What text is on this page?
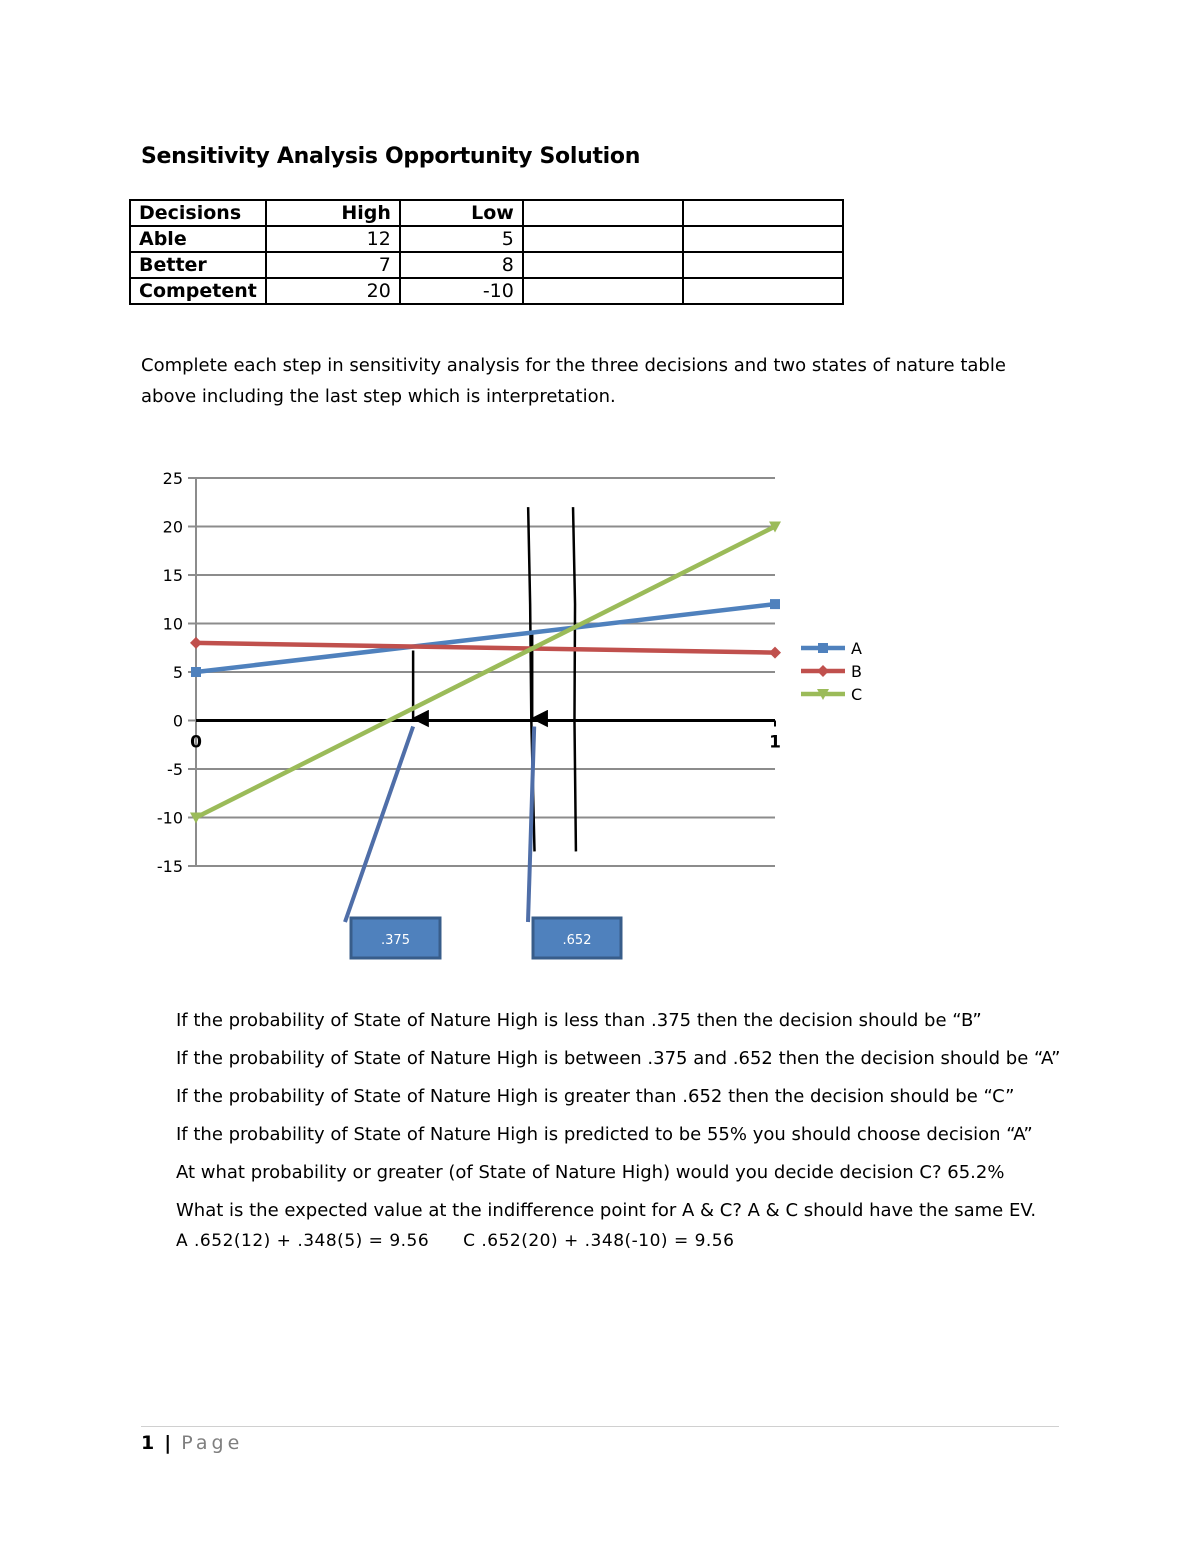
Sensitivity Analysis Opportunity Solution
Decisions	High	Low		
Able	12	5		
Better	7	8		
Competent	20	-10		
Complete each step in sensitivity analysis for the three decisions and two states of nature table above including the last step which is interpretation.
25
20
15
10
5
0
-5
-10
-15
0	1
.375	.652
A
B
C
If the probability of State of Nature High is less than .375 then the decision should be “B”
If the probability of State of Nature High is between .375 and .652 then the decision should be “A”
If the probability of State of Nature High is greater than .652 then the decision should be “C”
If the probability of State of Nature High is predicted to be 55% you should choose decision “A”
At what probability or greater (of State of Nature High) would you decide decision C? 65.2%
What is the expected value at the indifference point for A & C? A & C should have the same EV.
A .652(12) + .348(5) = 9.56 C .652(20) + .348(-10) = 9.56
1 | Page
